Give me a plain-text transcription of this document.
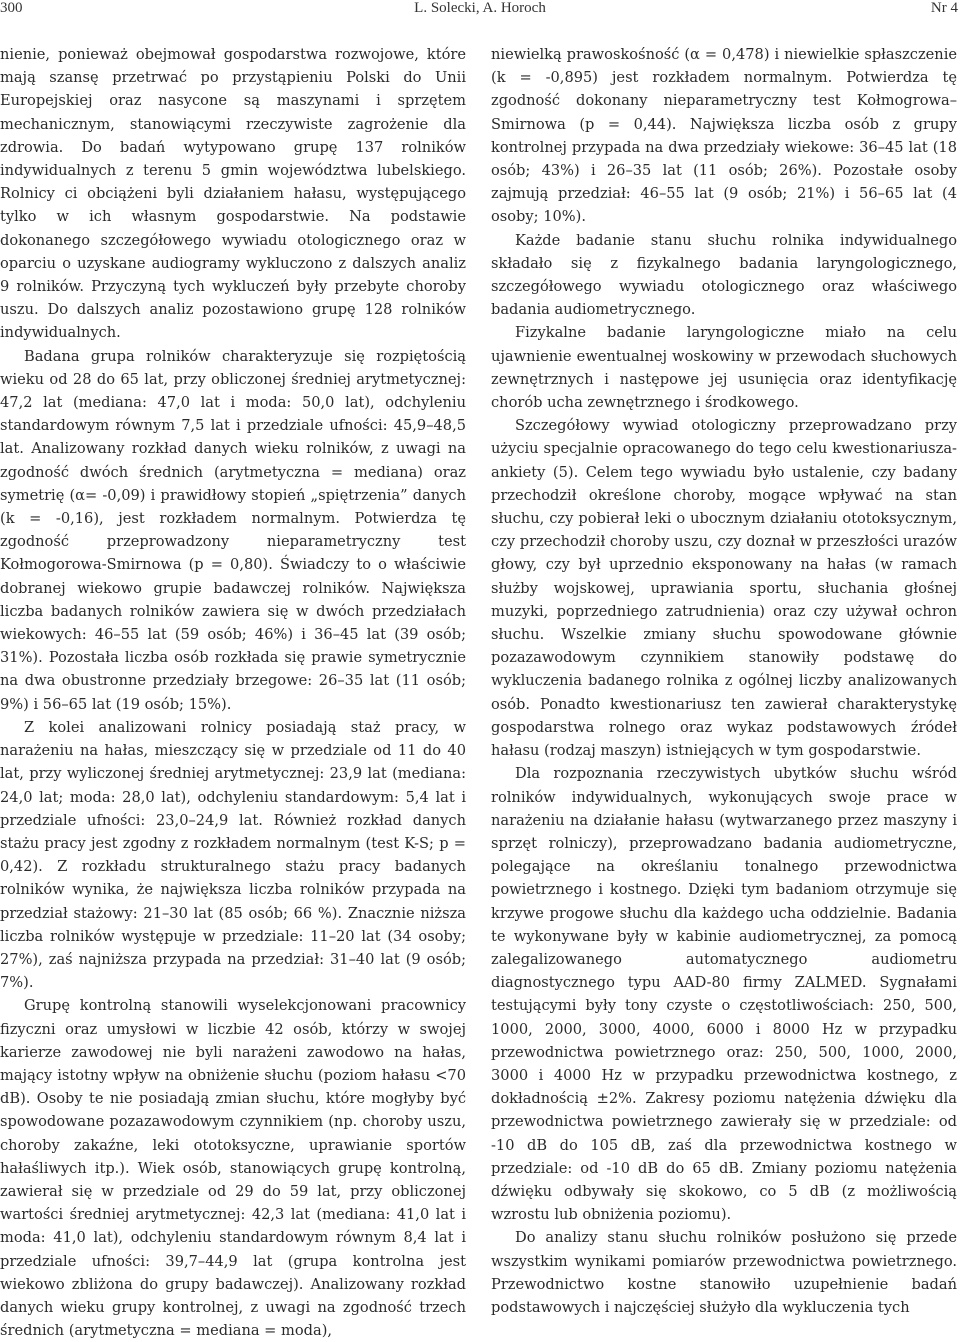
300	L. Solecki, A. Horoch	Nr 4

nienie, ponieważ obejmował gospodarstwa rozwojowe, które mają szansę przetrwać po przystąpieniu Polski do Unii Europejskiej oraz nasycone są maszynami i sprzętem mechanicznym, stanowiącymi rzeczywiste zagrożenie dla zdrowia. Do badań wytypowano grupę 137 rolników indywidualnych z terenu 5 gmin województwa lubelskiego. Rolnicy ci obciążeni byli działaniem hałasu, występującego tylko w ich własnym gospodarstwie. Na podstawie dokonanego szczegółowego wywiadu otologicznego oraz w oparciu o uzyskane audiogramy wykluczono z dalszych analiz 9 rolników. Przyczyną tych wykluczeń były przebyte choroby uszu. Do dalszych analiz pozostawiono grupę 128 rolników indywidualnych.

Badana grupa rolników charakteryzuje się rozpiętością wieku od 28 do 65 lat, przy obliczonej średniej arytmetycznej: 47,2 lat (mediana: 47,0 lat i moda: 50,0 lat), odchyleniu standardowym równym 7,5 lat i przedziale ufności: 45,9–48,5 lat. Analizowany rozkład danych wieku rolników, z uwagi na zgodność dwóch średnich (arytmetyczna = mediana) oraz symetrię (α= -0,09) i prawidłowy stopień „spiętrzenia” danych (k = -0,16), jest rozkładem normalnym. Potwierdza tę zgodność przeprowadzony nieparametryczny test Kołmogorowa-Smirnowa (p = 0,80). Świadczy to o właściwie dobranej wiekowo grupie badawczej rolników. Największa liczba badanych rolników zawiera się w dwóch przedziałach wiekowych: 46–55 lat (59 osób; 46%) i 36–45 lat (39 osób; 31%). Pozostała liczba osób rozkłada się prawie symetrycznie na dwa obustronne przedziały brzegowe: 26–35 lat (11 osób; 9%) i 56–65 lat (19 osób; 15%).

Z kolei analizowani rolnicy posiadają staż pracy, w narażeniu na hałas, mieszczący się w przedziale od 11 do 40 lat, przy wyliczonej średniej arytmetycznej: 23,9 lat (mediana: 24,0 lat; moda: 28,0 lat), odchyleniu standardowym: 5,4 lat i przedziale ufności: 23,0–24,9 lat. Również rozkład danych stażu pracy jest zgodny z rozkładem normalnym (test K-S; p = 0,42). Z rozkładu strukturalnego stażu pracy badanych rolników wynika, że największa liczba rolników przypada na przedział stażowy: 21–30 lat (85 osób; 66 %). Znacznie niższa liczba rolników występuje w przedziale: 11–20 lat (34 osoby; 27%), zaś najniższa przypada na przedział: 31–40 lat (9 osób; 7%).

Grupę kontrolną stanowili wyselekcjonowani pracownicy fizyczni oraz umysłowi w liczbie 42 osób, którzy w swojej karierze zawodowej nie byli narażeni zawodowo na hałas, mający istotny wpływ na obniżenie słuchu (poziom hałasu <70 dB). Osoby te nie posiadają zmian słuchu, które mogłyby być spowodowane pozazawodowym czynnikiem (np. choroby uszu, choroby zakaźne, leki ototoksyczne, uprawianie sportów hałaśliwych itp.). Wiek osób, stanowiących grupę kontrolną, zawierał się w przedziale od 29 do 59 lat, przy obliczonej wartości średniej arytmetycznej: 42,3 lat (mediana: 41,0 lat i moda: 41,0 lat), odchyleniu standardowym równym 8,4 lat i przedziale ufności: 39,7–44,9 lat (grupa kontrolna jest wiekowo zbliżona do grupy badawczej). Analizowany rozkład danych wieku grupy kontrolnej, z uwagi na zgodność trzech średnich (arytmetyczna = mediana = moda),

niewielką prawoskośność (α = 0,478) i niewielkie spłaszczenie (k = -0,895) jest rozkładem normalnym. Potwierdza tę zgodność dokonany nieparametryczny test Kołmogrowa–Smirnowa (p = 0,44). Największa liczba osób z grupy kontrolnej przypada na dwa przedziały wiekowe: 36–45 lat (18 osób; 43%) i 26–35 lat (11 osób; 26%). Pozostałe osoby zajmują przedział: 46–55 lat (9 osób; 21%) i 56–65 lat (4 osoby; 10%).

Każde badanie stanu słuchu rolnika indywidualnego składało się z fizykalnego badania laryngologicznego, szczegółowego wywiadu otologicznego oraz właściwego badania audiometrycznego.

Fizykalne badanie laryngologiczne miało na celu ujawnienie ewentualnej woskowiny w przewodach słuchowych zewnętrznych i następowe jej usunięcia oraz identyfikację chorób ucha zewnętrznego i środkowego.

Szczegółowy wywiad otologiczny przeprowadzano przy użyciu specjalnie opracowanego do tego celu kwestionariusza-ankiety (5). Celem tego wywiadu było ustalenie, czy badany przechodził określone choroby, mogące wpływać na stan słuchu, czy pobierał leki o ubocznym działaniu ototoksycznym, czy przechodził choroby uszu, czy doznał w przeszłości urazów głowy, czy był uprzednio eksponowany na hałas (w ramach służby wojskowej, uprawiania sportu, słuchania głośnej muzyki, poprzedniego zatrudnienia) oraz czy używał ochron słuchu. Wszelkie zmiany słuchu spowodowane głównie pozazawodowym czynnikiem stanowiły podstawę do wykluczenia badanego rolnika z ogólnej liczby analizowanych osób. Ponadto kwestionariusz ten zawierał charakterystykę gospodarstwa rolnego oraz wykaz podstawowych źródeł hałasu (rodzaj maszyn) istniejących w tym gospodarstwie.

Dla rozpoznania rzeczywistych ubytków słuchu wśród rolników indywidualnych, wykonujących swoje prace w narażeniu na działanie hałasu (wytwarzanego przez maszyny i sprzęt rolniczy), przeprowadzano badania audiometryczne, polegające na określaniu tonalnego przewodnictwa powietrznego i kostnego. Dzięki tym badaniom otrzymuje się krzywe progowe słuchu dla każdego ucha oddzielnie. Badania te wykonywane były w kabinie audiometrycznej, za pomocą zalegalizowanego automatycznego audiometru diagnostycznego typu AAD-80 firmy ZALMED. Sygnałami testującymi były tony czyste o częstotliwościach: 250, 500, 1000, 2000, 3000, 4000, 6000 i 8000 Hz w przypadku przewodnictwa powietrznego oraz: 250, 500, 1000, 2000, 3000 i 4000 Hz w przypadku przewodnictwa kostnego, z dokładnością ±2%. Zakresy poziomu natężenia dźwięku dla przewodnictwa powietrznego zawierały się w przedziale: od -10 dB do 105 dB, zaś dla przewodnictwa kostnego w przedziale: od -10 dB do 65 dB. Zmiany poziomu natężenia dźwięku odbywały się skokowo, co 5 dB (z możliwością wzrostu lub obniżenia poziomu).

Do analizy stanu słuchu rolników posłużono się przede wszystkim wynikami pomiarów przewodnictwa powietrznego. Przewodnictwo kostne stanowiło uzupełnienie badań podstawowych i najczęściej służyło dla wykluczenia tych
